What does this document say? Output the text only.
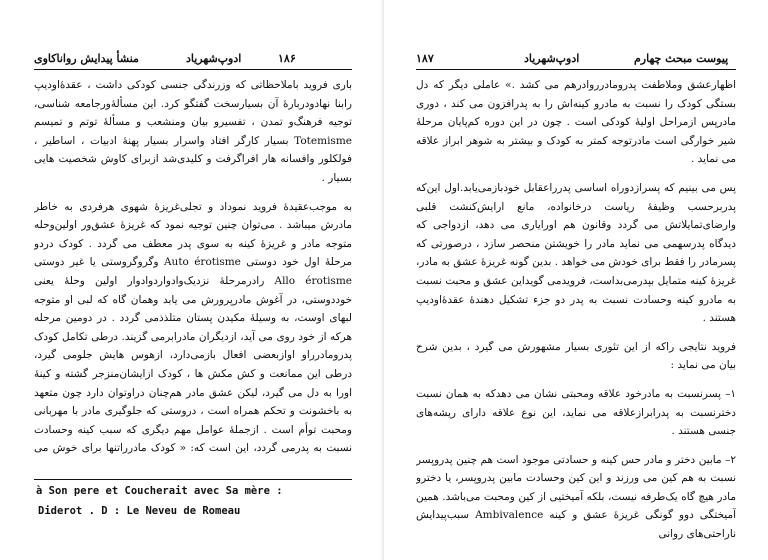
۱۸۶
ادوپ‌شهریاد
منشأ پیدایش رواناکاوی

باری فروید باملاحظاتی که وزرندگی جنسی کودکی داشت ، عقدۀ‌اودیپ رابنا نهادودربارۀ آن بسیارسخت گفتگو کرد. این مسألۀ‌ورجامعه شناسی، توجیه فرهنگ‌و تمدن ، تفسیرو بیان ومنشعب و مسألۀ توتم و تمیسم Totemisme بسیار کارگر افتاد واسرار بسیار پهنۀ ادبیات ، اساطیر ، فولکلور وافسانه هار افراگرفت و کلیدی‌شد ازبرای کاوش شخصیت هایی بسیار .

به موجب‌عقیدۀ فروید نموداد و تجلی‌غریزۀ شهوی هرفردی به خاطر مادرش میباشد . می‌توان چنین توجیه نمود که غریزۀ عشق‌ور اولین‌وحله متوجه مادر و غریزۀ کینه به سوی پدر معطف می گردد . کودک دردو مرحلۀ اول خود دوستی Auto érotisme وگروگروستی یا غیر دوستی Allo érotisme رادرمرحلۀ نزدیک‌وادوار‌دوادوار اولین وحلۀ یعنی خوددوستی، در آغوش مادرپرورش می یابد وهمان گاه که لبی او متوجه لبهای اوست، به وسیلۀ مکیدن پستان متلذذمی گردد . در دومین مرحله هرکه از خود روی می آید، ازدیگران مادرابرمی گزیند. درطی تکامل کودک پدرومادرراو اوازبعضی افعال بازمی‌دارد، ازهوس هایش جلومی گیرد، درطی این ممانعت و کش مکش ها ، کودک ازایشان‌منزجر گشته و کینۀ اورا به دل می گیرد، لیکن عشق مادر هم‌چنان دراوتوان دارد چون متعهد به باخشونت و تحکم همراه است ، دروستی که جلوگیری مادر با مهربانی ومحبت توأم است . ازجملۀ عوامل مهم دیگری که سبب کینه وحسادت نسبت به پدرمی گردد، این است که: « کودک مادرراتنها برای خوش می

à Son pere et Coucherait avec Sa mère :
Diderot . D : Le Neveu de Romeau
۱۸۷	ادوپ‌شهریاد	پیوست مبحث چهارم

اظهارعشق وملاطفت پدرومادرروادرهم می کشد .» عاملی دیگر که دل بستگی کودک را نسبت به مادرو کینه‌اش را به پدرافزون می کند ، دوری مادرپس ازمراحل اولیۀ کودکی است . چون در این دوره کم‌پایان مرحلۀ شیر خوارگی است مادرتوجه کمتر به کودک و بیشتر به شوهر ابراز علاقه می نماید .

پس می بینیم که پسرازدوراه اساسی پدرراعقابل خودبازمی‌یابد.اول این‌که پدربرحسب وظیفۀ ریاست درخانواده، مانع ارایش‌کنشت قلبی وارضای‌تمایلاتش می گردد وقانون هم اورایاری می دهد، ازدواجی که دیدگاه پدرسهمی می نماید مادر را خویشتن منحصر سازد ، درصورتی که پسرمادر را فقط برای خودش می خواهد . بدین گونه غریزۀ عشق به مادر، غریزۀ کینه متمایل بپدرمی‌بداست، فرویدمی گویداین عشق و محبت نسبت به مادرو کینه وحسادت نسبت به پدر دو جزء تشکیل دهندۀ عقدۀ‌اودیپ هستند .

فروید نتایجی راکه از این تئوری بسیار مشهورش می گیرد ، بدین شرح بیان می نماید :

۱– پسرنسبت به مادرخود علاقه ومحبتی نشان می دهدکه به همان نسبت دخترنسبت به پدرابرازعلاقه می نماید، این نوع علاقه دارای ریشه‌های جنسی هستند .

۲– مابین دختر و مادر حس کینه و حسادتی موجود است هم چنین پدروپسر نسبت به هم کین می ورزند و این کین وحسادت مابین پدروپسر، یا دخترو مادر هیچ گاه یک‌طرفه نیست، بلکه آمیختیی از کین ومحبت می‌باشد. همین آمیختگی دوو گونگی غریزۀ عشق و کینه Ambivalence سبب‌پیدایش ناراحتی‌های روانی
